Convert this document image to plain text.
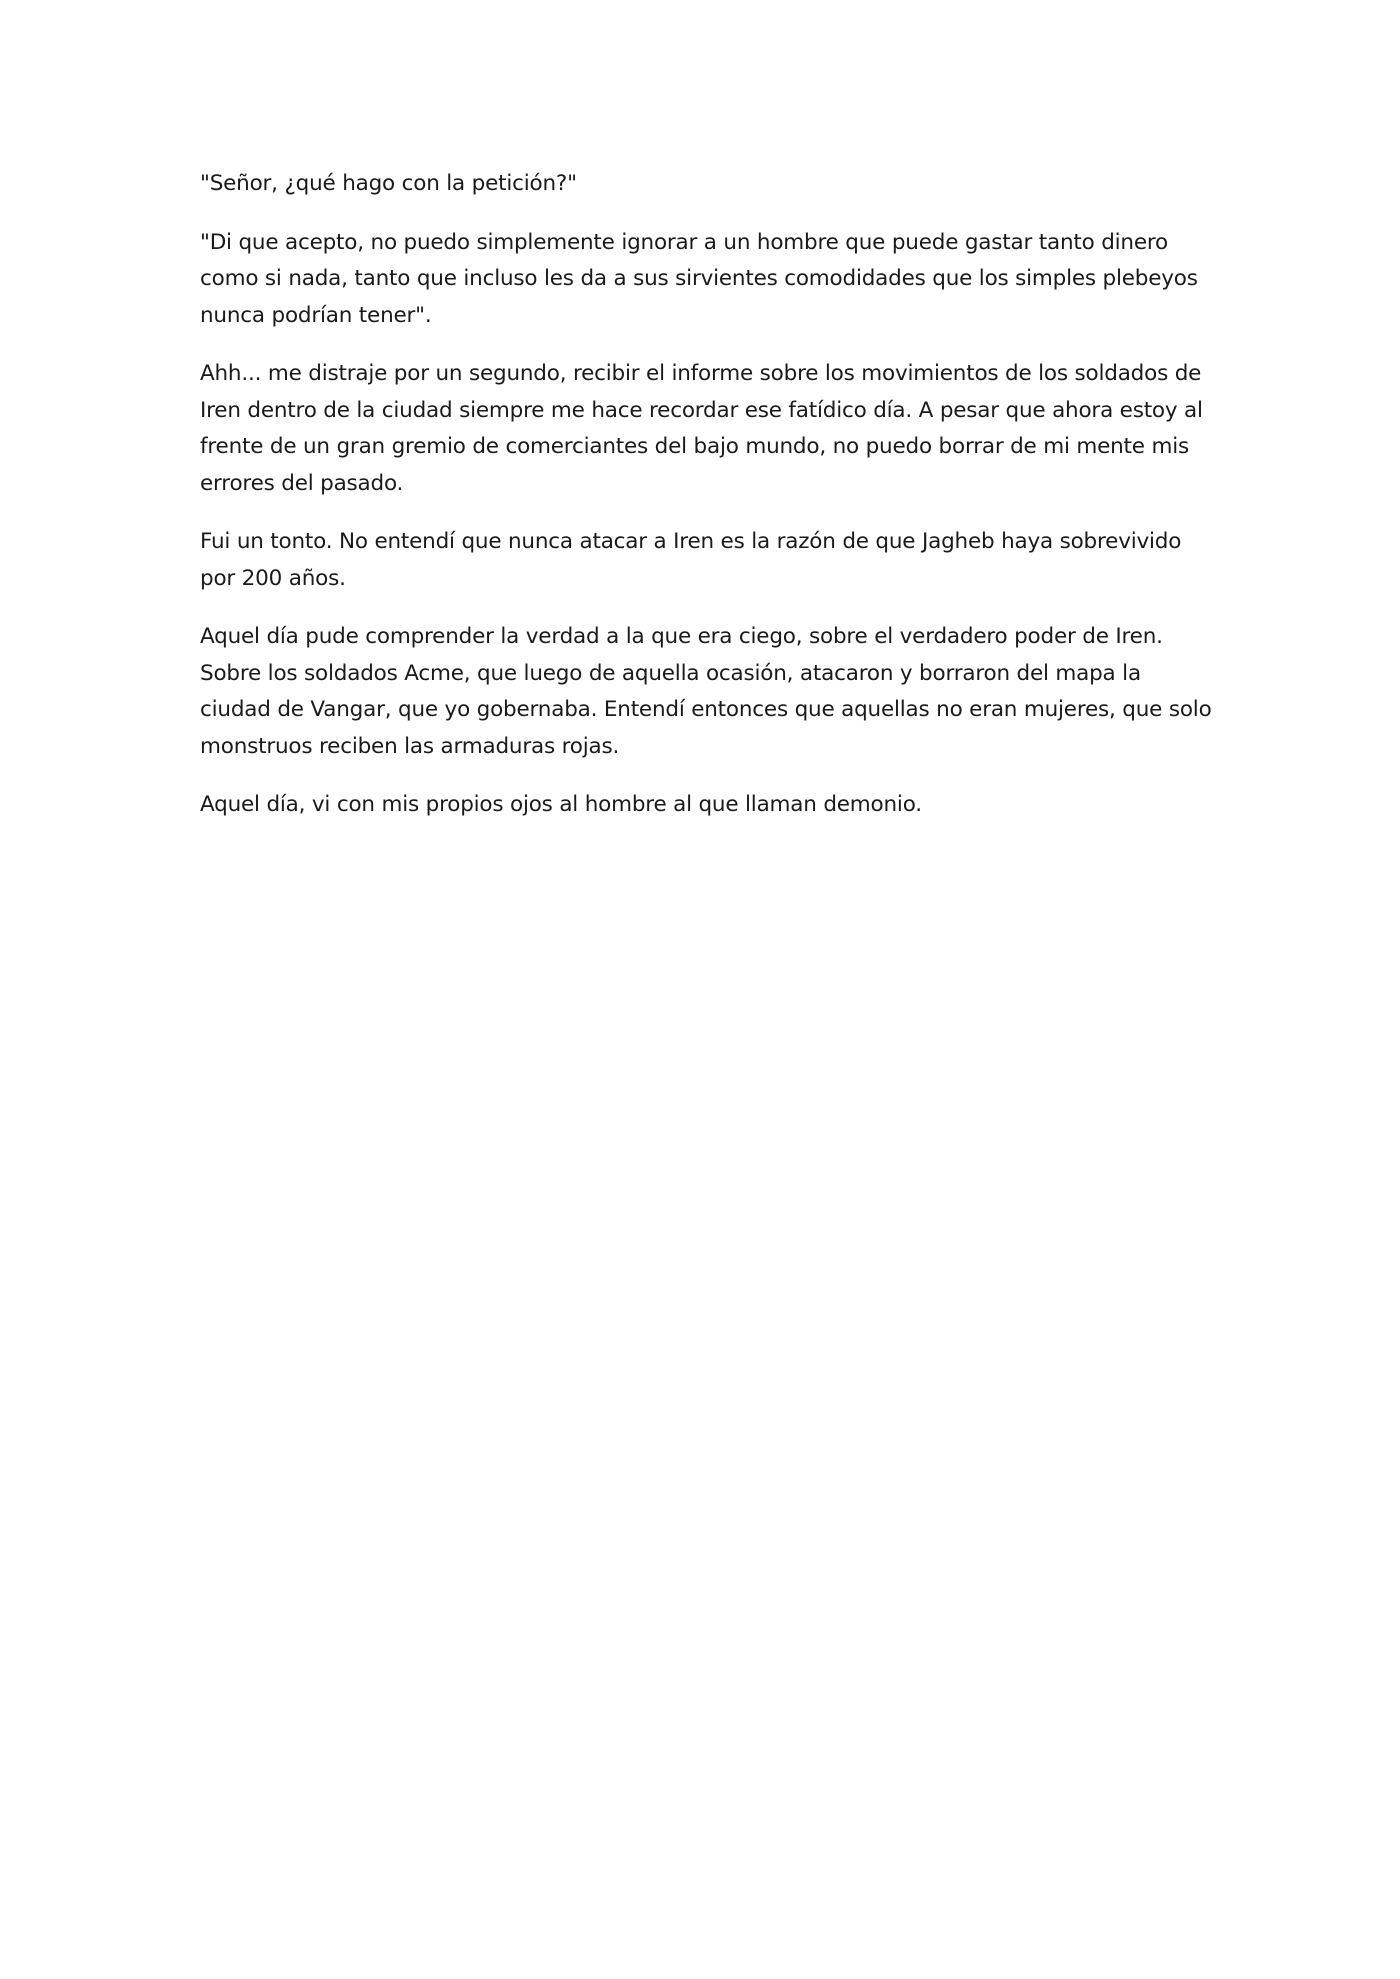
"Señor, ¿qué hago con la petición?"

"Di que acepto, no puedo simplemente ignorar a un hombre que puede gastar tanto dinero
como si nada, tanto que incluso les da a sus sirvientes comodidades que los simples plebeyos
nunca podrían tener".

Ahh... me distraje por un segundo, recibir el informe sobre los movimientos de los soldados de
Iren dentro de la ciudad siempre me hace recordar ese fatídico día. A pesar que ahora estoy al
frente de un gran gremio de comerciantes del bajo mundo, no puedo borrar de mi mente mis
errores del pasado.

Fui un tonto. No entendí que nunca atacar a Iren es la razón de que Jagheb haya sobrevivido
por 200 años.

Aquel día pude comprender la verdad a la que era ciego, sobre el verdadero poder de Iren.
Sobre los soldados Acme, que luego de aquella ocasión, atacaron y borraron del mapa la
ciudad de Vangar, que yo gobernaba. Entendí entonces que aquellas no eran mujeres, que solo
monstruos reciben las armaduras rojas.

Aquel día, vi con mis propios ojos al hombre al que llaman demonio.
